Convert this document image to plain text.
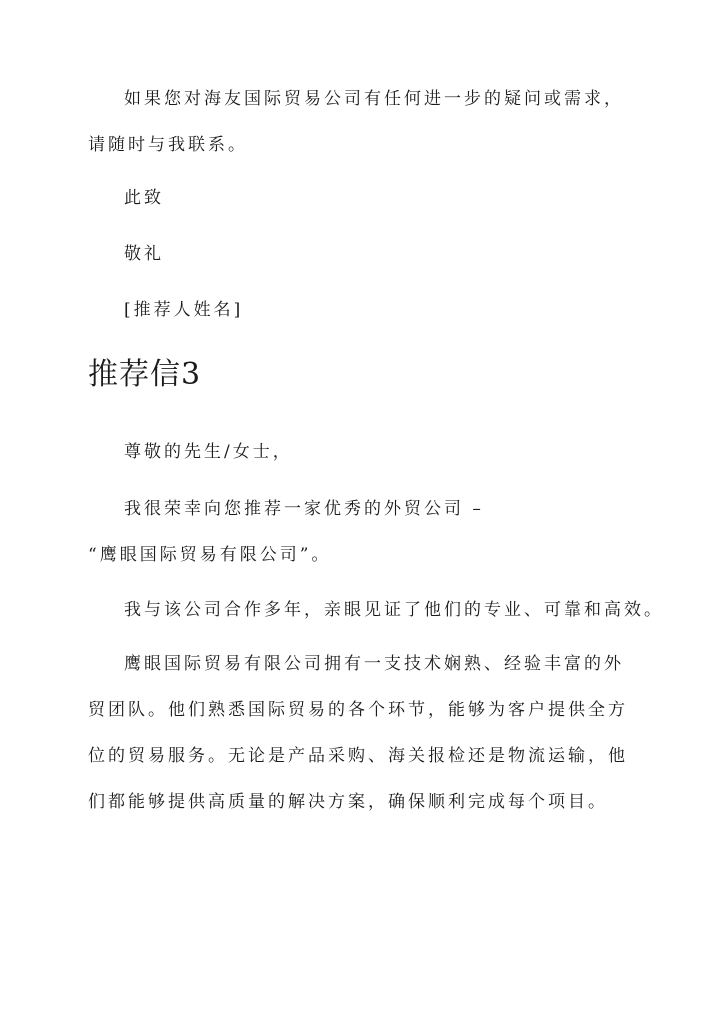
如果您对海友国际贸易公司有任何进一步的疑问或需求，请随时与我联系。

此致
敬礼
[推荐人姓名]
推荐信3
尊敬的先生/女士，
我很荣幸向您推荐一家优秀的外贸公司 –
“鹰眼国际贸易有限公司”。
我与该公司合作多年，亲眼见证了他们的专业、可靠和高效。

鹰眼国际贸易有限公司拥有一支技术娴熟、经验丰富的外贸团队。他们熟悉国际贸易的各个环节，能够为客户提供全方位的贸易服务。无论是产品采购、海关报检还是物流运输，他们都能够提供高质量的解决方案，确保顺利完成每个项目。
